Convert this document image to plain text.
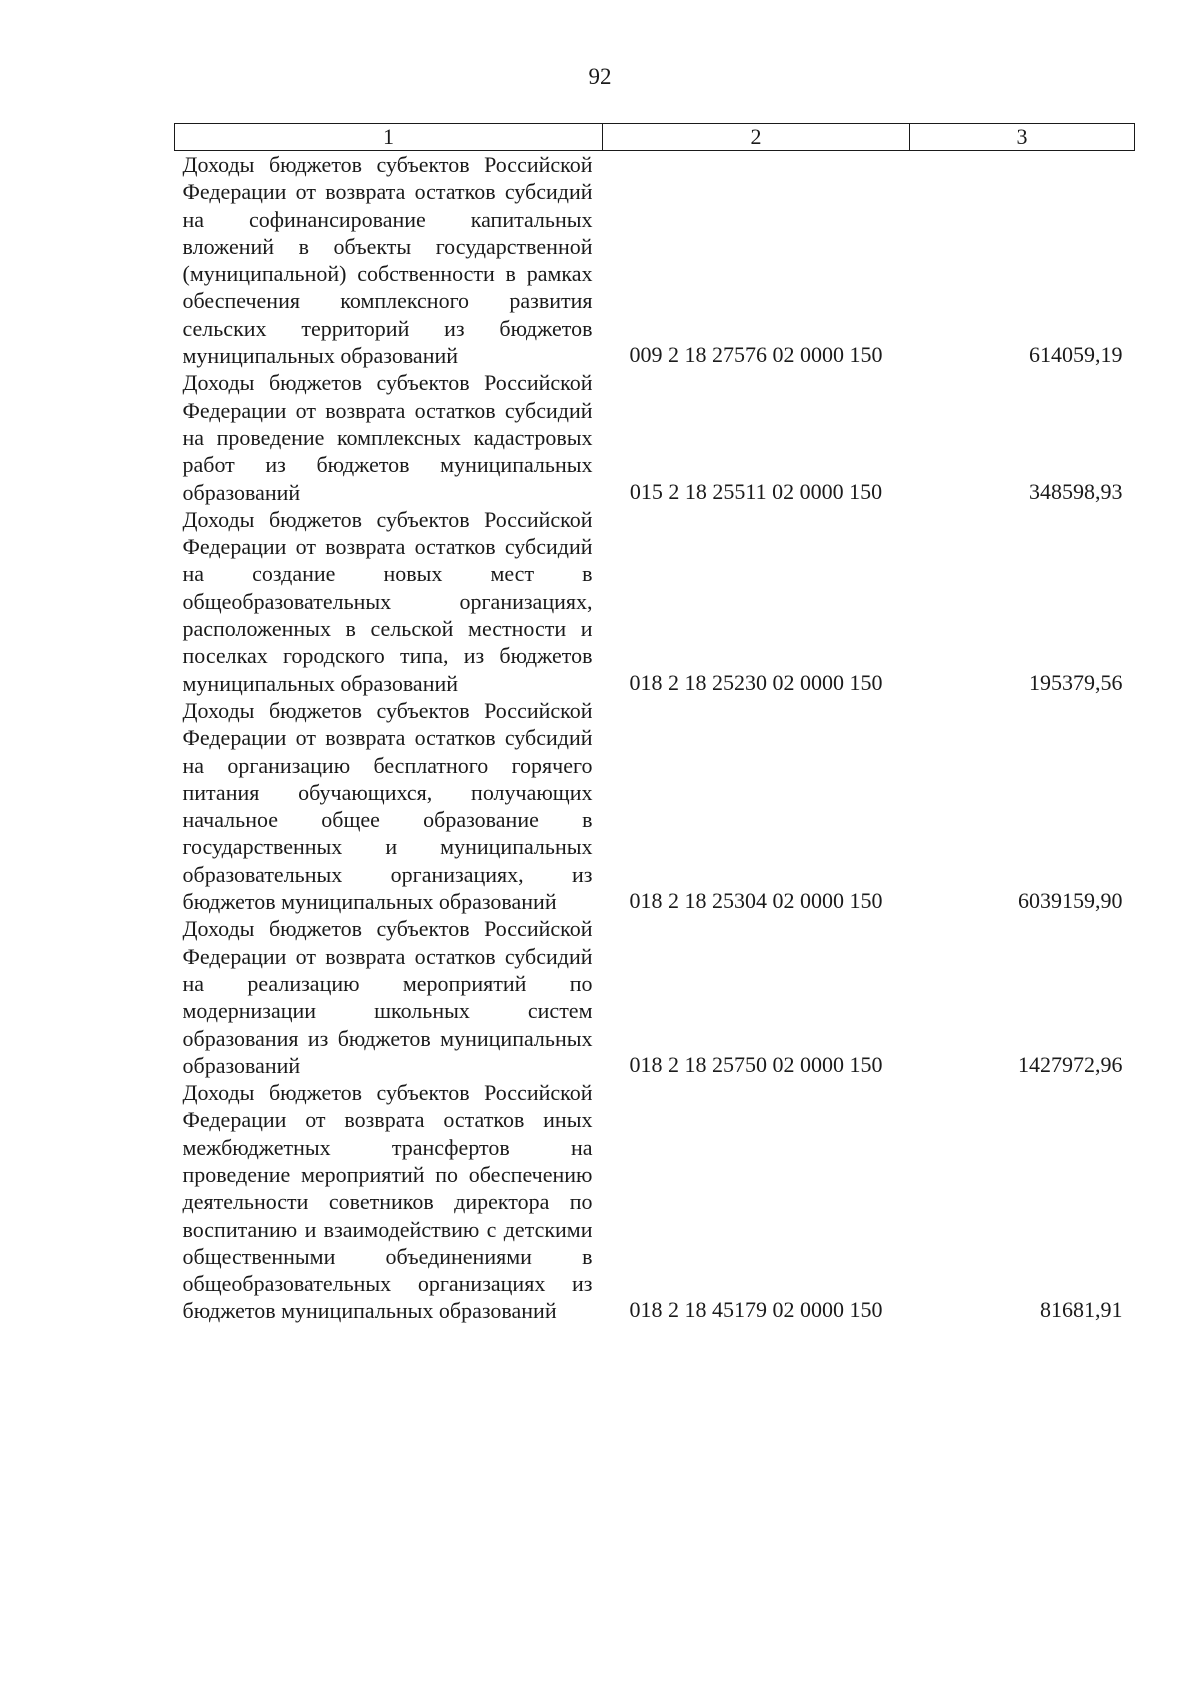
92
1	2	3
Доходы бюджетов субъектов Российской Федерации от возврата остатков субсидий на софинансирование капитальных вложений в объекты государственной (муниципальной) собственности в рамках обеспечения комплексного развития сельских территорий из бюджетов муниципальных образований	009 2 18 27576 02 0000 150	614059,19
Доходы бюджетов субъектов Российской Федерации от возврата остатков субсидий на проведение комплексных кадастровых работ из бюджетов муниципальных образований	015 2 18 25511 02 0000 150	348598,93
Доходы бюджетов субъектов Российской Федерации от возврата остатков субсидий на создание новых мест в общеобразовательных организациях, расположенных в сельской местности и поселках городского типа, из бюджетов муниципальных образований	018 2 18 25230 02 0000 150	195379,56
Доходы бюджетов субъектов Российской Федерации от возврата остатков субсидий на организацию бесплатного горячего питания обучающихся, получающих начальное общее образование в государственных и муниципальных образовательных организациях, из бюджетов муниципальных образований	018 2 18 25304 02 0000 150	6039159,90
Доходы бюджетов субъектов Российской Федерации от возврата остатков субсидий на реализацию мероприятий по модернизации школьных систем образования из бюджетов муниципальных образований	018 2 18 25750 02 0000 150	1427972,96
Доходы бюджетов субъектов Российской Федерации от возврата остатков иных межбюджетных трансфертов на проведение мероприятий по обеспечению деятельности советников директора по воспитанию и взаимодействию с детскими общественными объединениями в общеобразовательных организациях из бюджетов муниципальных образований	018 2 18 45179 02 0000 150	81681,91
